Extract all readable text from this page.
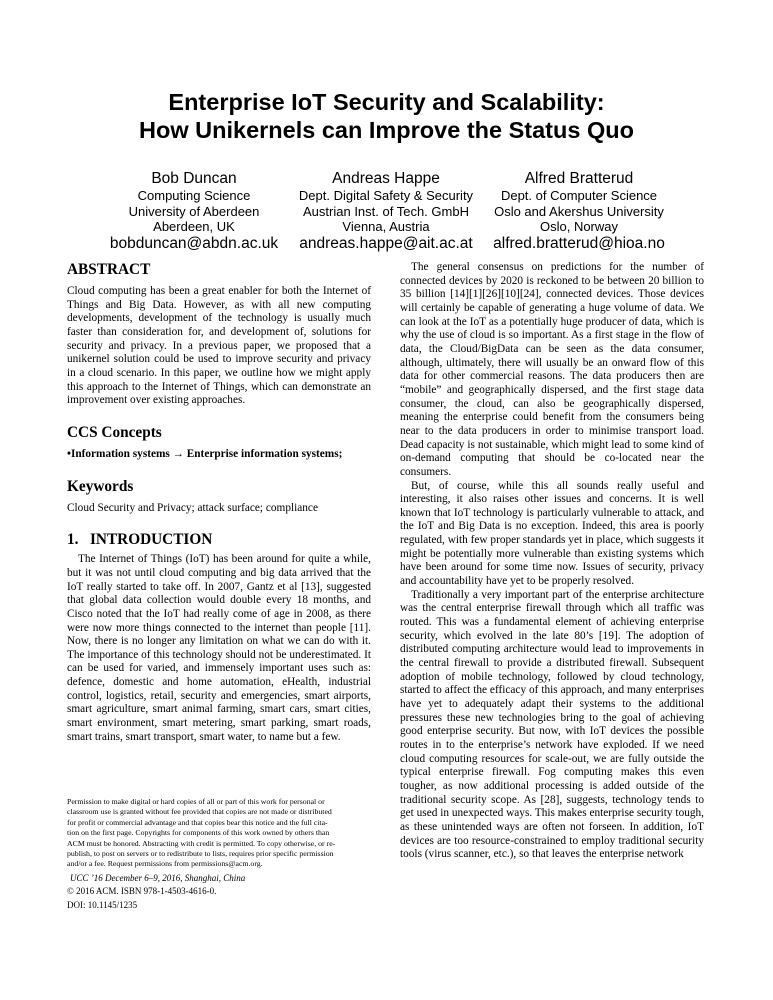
Enterprise IoT Security and Scalability:
How Unikernels can Improve the Status Quo
Bob Duncan
Computing Science
University of Aberdeen
Aberdeen, UK
bobduncan@abdn.ac.uk
Andreas Happe
Dept. Digital Safety & Security
Austrian Inst. of Tech. GmbH
Vienna, Austria
andreas.happe@ait.ac.at
Alfred Bratterud
Dept. of Computer Science
Oslo and Akershus University
Oslo, Norway
alfred.bratterud@hioa.no
ABSTRACT

Cloud computing has been a great enabler for both the Internet of Things and Big Data. However, as with all new computing developments, development of the technology is usually much faster than consideration for, and development of, solutions for security and privacy. In a previous paper, we proposed that a unikernel solution could be used to improve security and privacy in a cloud scenario. In this paper, we outline how we might apply this approach to the Internet of Things, which can demonstrate an improvement over existing approaches.

CCS Concepts

•Information systems → Enterprise information systems;

Keywords

Cloud Security and Privacy; attack surface; compliance

1.   INTRODUCTION

The Internet of Things (IoT) has been around for quite a while, but it was not until cloud computing and big data arrived that the IoT really started to take off. In 2007, Gantz et al [13], suggested that global data collection would double every 18 months, and Cisco noted that the IoT had really come of age in 2008, as there were now more things connected to the internet than people [11]. Now, there is no longer any limitation on what we can do with it. The importance of this technology should not be underestimated. It can be used for varied, and immensely important uses such as: defence, domestic and home automation, eHealth, industrial control, logistics, retail, security and emergencies, smart airports, smart agriculture, smart animal farming, smart cars, smart cities, smart environment, smart metering, smart parking, smart roads, smart trains, smart transport, smart water, to name but a few.

Permission to make digital or hard copies of all or part of this work for personal or
classroom use is granted without fee provided that copies are not made or distributed
for profit or commercial advantage and that copies bear this notice and the full cita-
tion on the first page. Copyrights for components of this work owned by others than
ACM must be honored. Abstracting with credit is permitted. To copy otherwise, or re-
publish, to post on servers or to redistribute to lists, requires prior specific permission
and/or a fee. Request permissions from permissions@acm.org.
UCC ’16 December 6–9, 2016, Shanghai, China
© 2016 ACM. ISBN 978-1-4503-4616-0.
DOI: 10.1145/1235

The general consensus on predictions for the number of connected devices by 2020 is reckoned to be between 20 billion to 35 billion [14][1][26][10][24], connected devices. Those devices will certainly be capable of generating a huge volume of data. We can look at the IoT as a potentially huge producer of data, which is why the use of cloud is so important. As a first stage in the flow of data, the Cloud/BigData can be seen as the data consumer, although, ultimately, there will usually be an onward flow of this data for other commercial reasons. The data producers then are “mobile” and geographically dispersed, and the first stage data consumer, the cloud, can also be geographically dispersed, meaning the enterprise could benefit from the consumers being near to the data producers in order to minimise transport load. Dead capacity is not sustainable, which might lead to some kind of on-demand computing that should be co-located near the consumers.

But, of course, while this all sounds really useful and interesting, it also raises other issues and concerns. It is well known that IoT technology is particularly vulnerable to attack, and the IoT and Big Data is no exception. Indeed, this area is poorly regulated, with few proper standards yet in place, which suggests it might be potentially more vulnerable than existing systems which have been around for some time now. Issues of security, privacy and accountability have yet to be properly resolved.

Traditionally a very important part of the enterprise architecture was the central enterprise firewall through which all traffic was routed. This was a fundamental element of achieving enterprise security, which evolved in the late 80’s [19]. The adoption of distributed computing architecture would lead to improvements in the central firewall to provide a distributed firewall. Subsequent adoption of mobile technology, followed by cloud technology, started to affect the efficacy of this approach, and many enterprises have yet to adequately adapt their systems to the additional pressures these new technologies bring to the goal of achieving good enterprise security. But now, with IoT devices the possible routes in to the enterprise’s network have exploded. If we need cloud computing resources for scale-out, we are fully outside the typical enterprise firewall. Fog computing makes this even tougher, as now additional processing is added outside of the traditional security scope. As [28], suggests, technology tends to get used in unexpected ways. This makes enterprise security tough, as these unintended ways are often not forseen. In addition, IoT devices are too resource-constrained to employ traditional security tools (virus scanner, etc.), so that leaves the enterprise network
